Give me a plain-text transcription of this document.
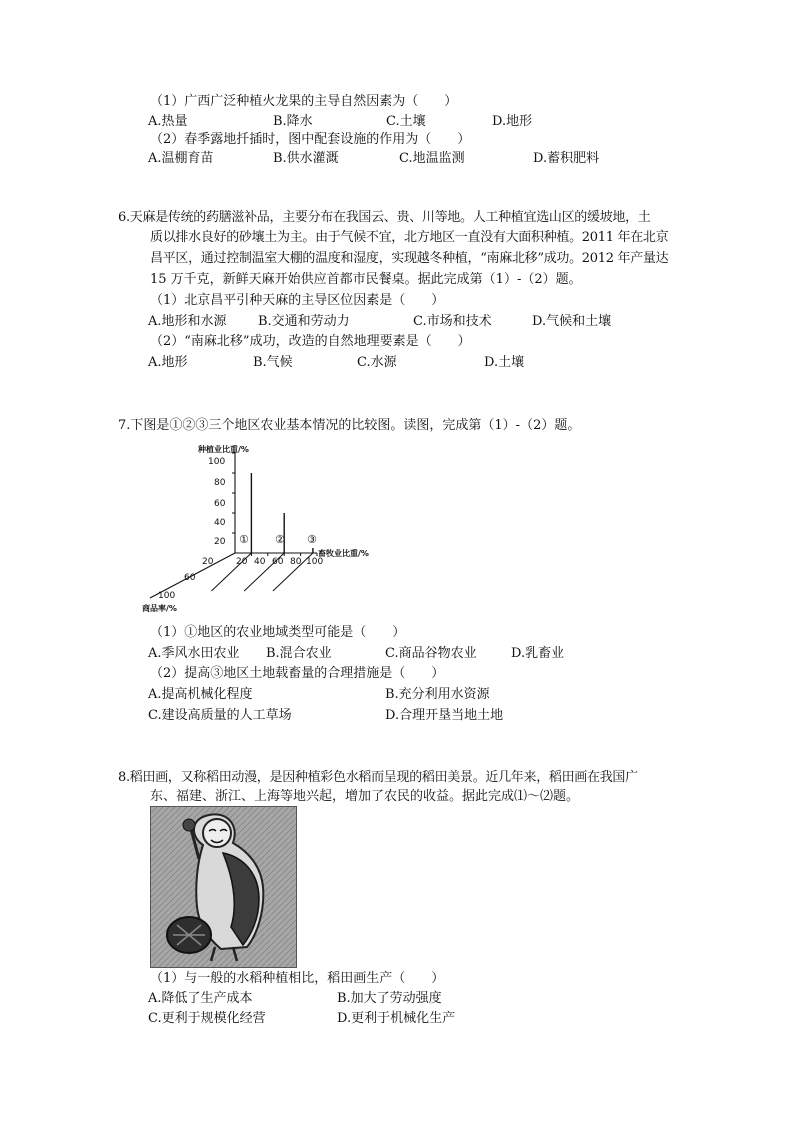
（1）广西广泛种植火龙果的主导自然因素为（　　）
A.热量	B.降水	C.土壤	D.地形
（2）春季露地扦插时，图中配套设施的作用为（　　）
A.温棚育苗	B.供水灌溉	C.地温监测	D.蓄积肥料
6.天麻是传统的药膳滋补品，主要分布在我国云、贵、川等地。人工种植宜选山区的缓坡地，土
质以排水良好的砂壤土为主。由于气候不宜，北方地区一直没有大面积种植。2011 年在北京
昌平区，通过控制温室大棚的温度和湿度，实现越冬种植，“南麻北移”成功。2012 年产量达
15 万千克，新鲜天麻开始供应首都市民餐桌。据此完成第（1）-（2）题。
（1）北京昌平引种天麻的主导区位因素是（　　）
A.地形和水源 B.交通和劳动力	C.市场和技术	D.气候和土壤
（2）“南麻北移”成功，改造的自然地理要素是（　　）
A.地形	B.气候	C.水源	D.土壤
7.下图是①②③三个地区农业基本情况的比较图。读图，完成第（1）-（2）题。
种植业比重/%
畜牧业比重/%
商品率/%
100
80
60
40
20
20 40 60 80 100
20
60
100
① ② ③
（1）①地区的农业地域类型可能是（　　）
A.季风水田农业 B.混合农业	C.商品谷物农业	D.乳畜业
（2）提高③地区土地载畜量的合理措施是（　　）
A.提高机械化程度	B.充分利用水资源
C.建设高质量的人工草场	D.合理开垦当地土地
8.稻田画，又称稻田动漫，是因种植彩色水稻而呈现的稻田美景。近几年来，稻田画在我国广
东、福建、浙江、上海等地兴起，增加了农民的收益。据此完成⑴～⑵题。
（1）与一般的水稻种植相比，稻田画生产（　　）
A.降低了生产成本	B.加大了劳动强度
C.更利于规模化经营	D.更利于机械化生产
